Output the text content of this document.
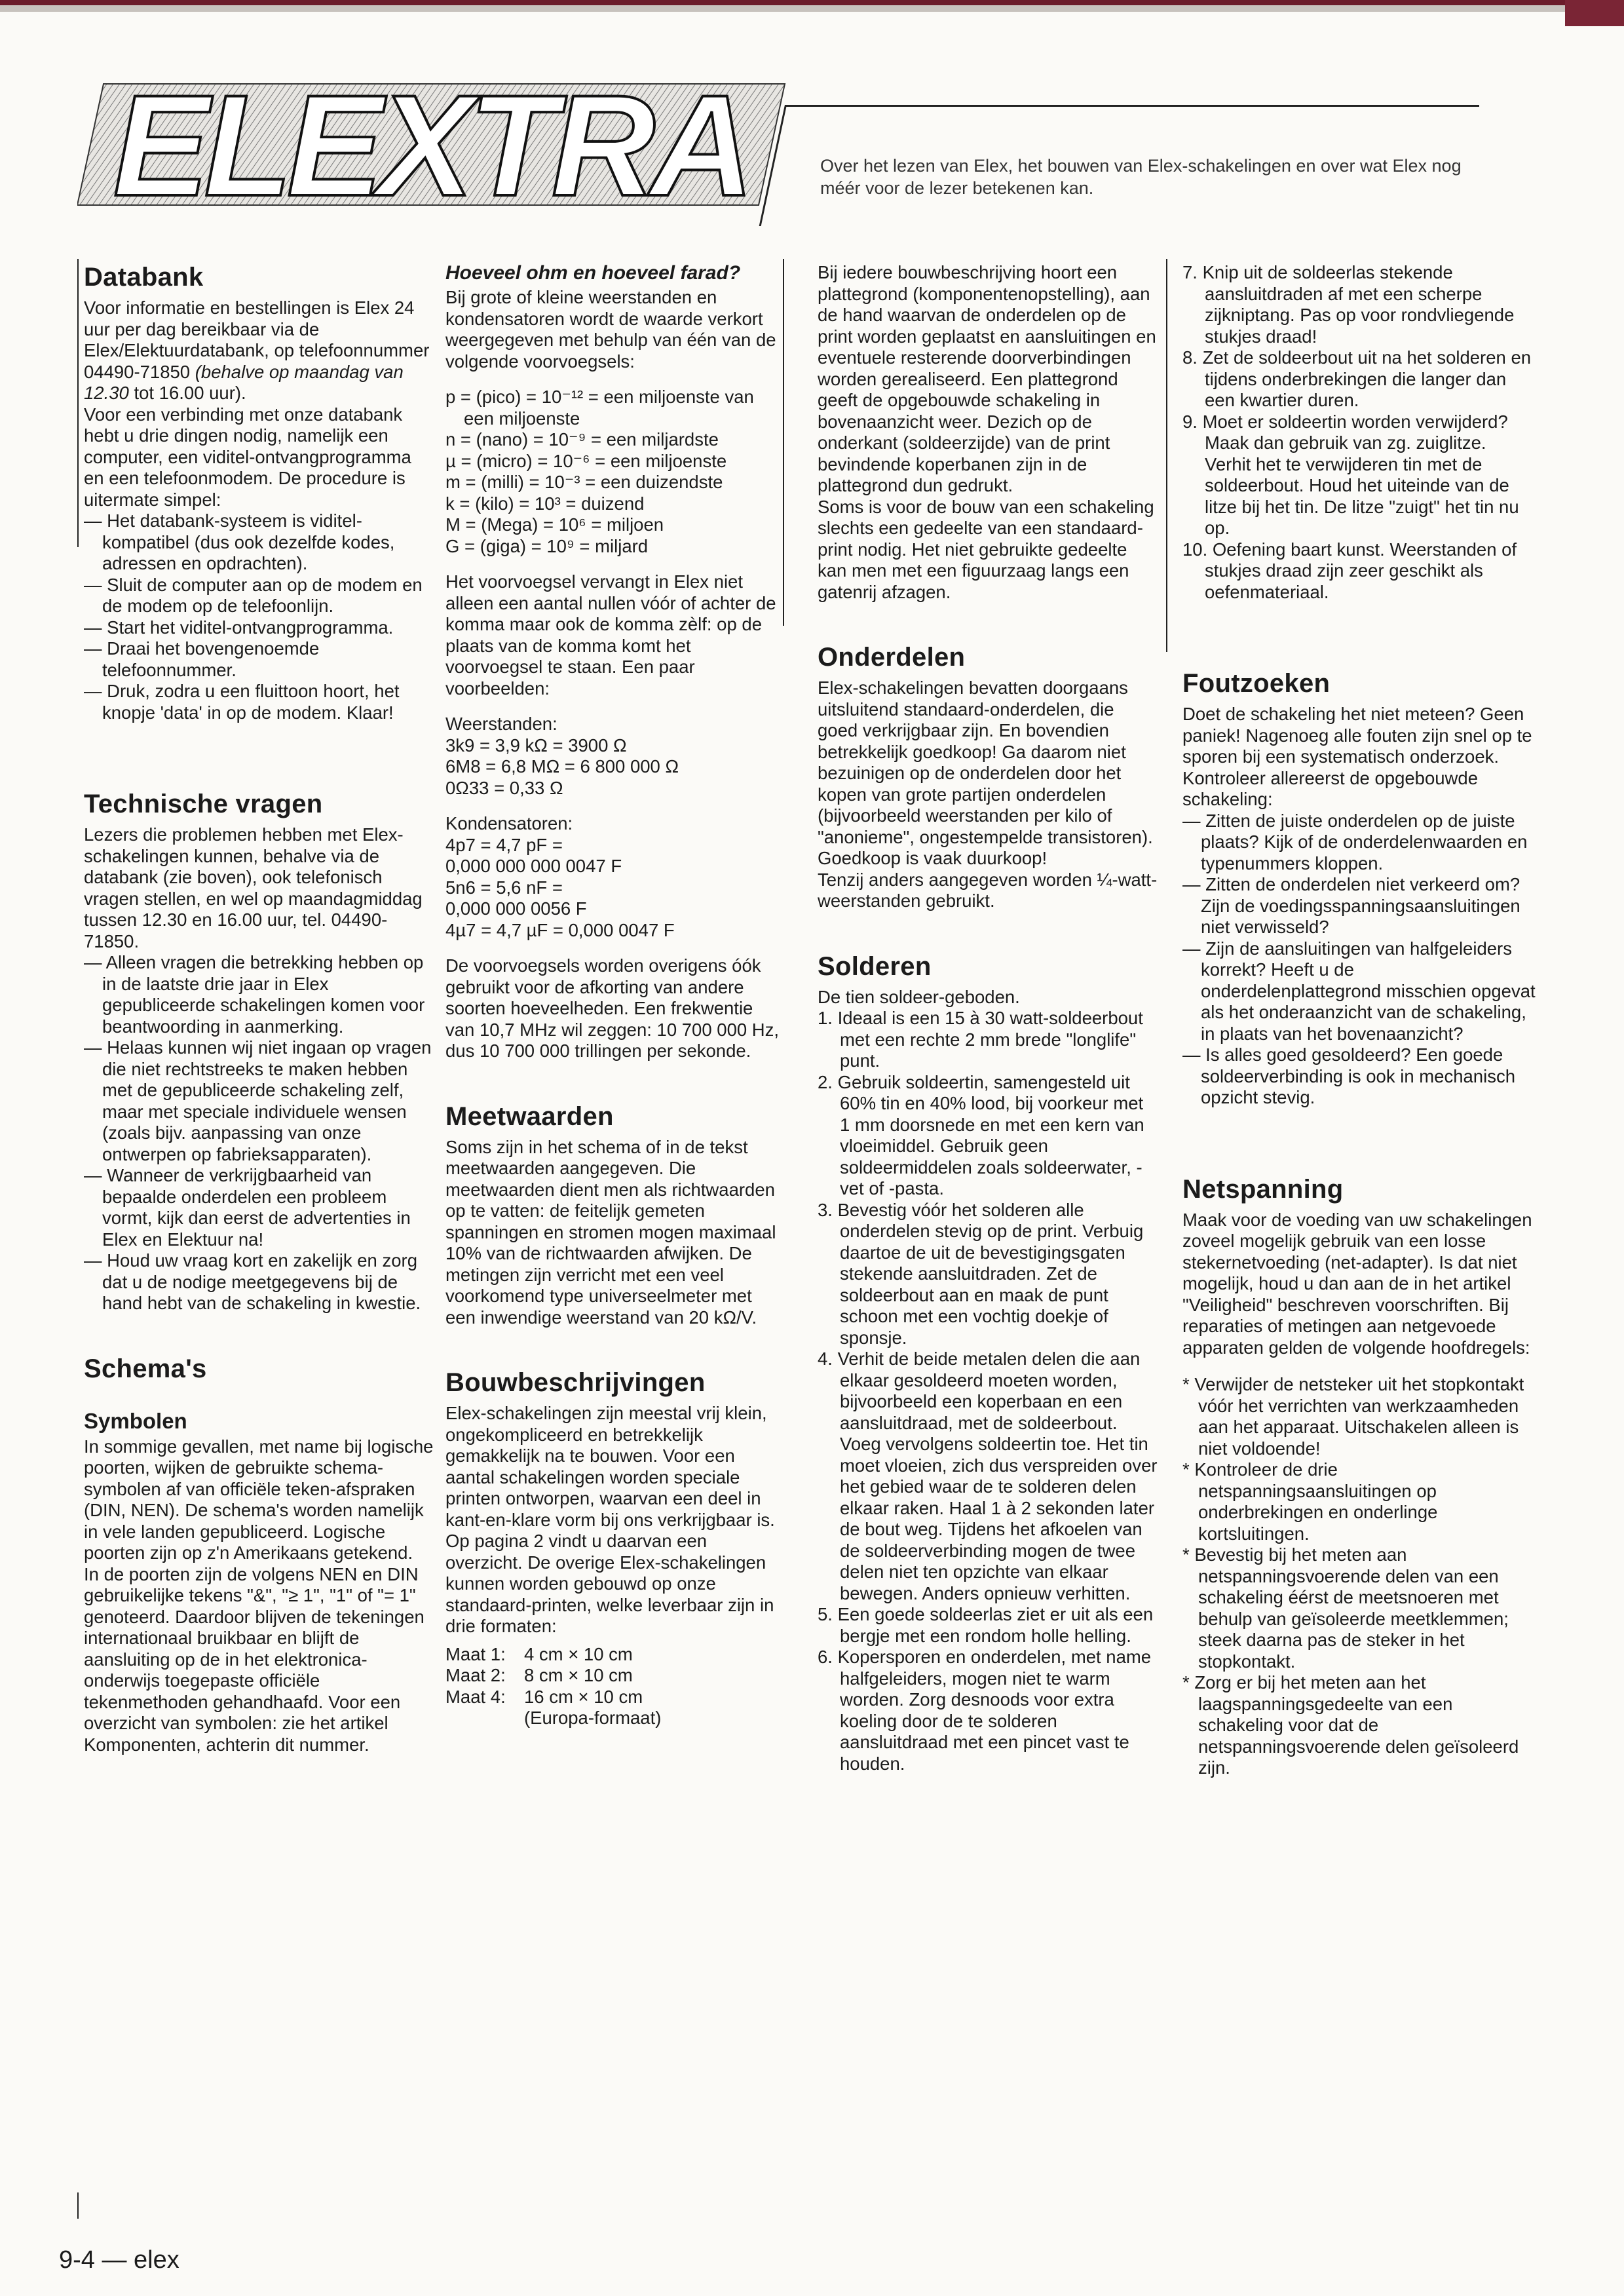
ELEXTRA	Over het lezen van Elex, het bouwen van Elex-schakelingen en over wat Elex nog méér voor de lezer betekenen kan.
Databank

Voor informatie en bestellingen is Elex 24 uur per dag bereikbaar via de Elex/Elektuurdatabank, op telefoonnummer 04490-71850 (behalve op maandag van 12.30 tot 16.00 uur).

Voor een verbinding met onze databank hebt u drie dingen nodig, namelijk een computer, een viditel-ontvangprogramma en een telefoonmodem. De procedure is uitermate simpel:

— Het databank-systeem is viditel-kompatibel (dus ook dezelfde kodes, adressen en opdrachten).

— Sluit de computer aan op de modem en de modem op de telefoonlijn.

— Start het viditel-ontvangprogramma.

— Draai het bovengenoemde telefoonnummer.

— Druk, zodra u een fluittoon hoort, het knopje 'data' in op de modem. Klaar!

Technische vragen

Lezers die problemen hebben met Elex-schakelingen kunnen, behalve via de databank (zie boven), ook telefonisch vragen stellen, en wel op maandagmiddag tussen 12.30 en 16.00 uur, tel. 04490-71850.

— Alleen vragen die betrekking hebben op in de laatste drie jaar in Elex gepubliceerde schakelingen komen voor beantwoording in aanmerking.

— Helaas kunnen wij niet ingaan op vragen die niet rechtstreeks te maken hebben met de gepubliceerde schakeling zelf, maar met speciale individuele wensen (zoals bijv. aanpassing van onze ontwerpen op fabrieksapparaten).

— Wanneer de verkrijgbaarheid van bepaalde onderdelen een probleem vormt, kijk dan eerst de advertenties in Elex en Elektuur na!

— Houd uw vraag kort en zakelijk en zorg dat u de nodige meetgegevens bij de hand hebt van de schakeling in kwestie.

Schema's
Symbolen

In sommige gevallen, met name bij logische poorten, wijken de gebruikte schema-symbolen af van officiële teken-afspraken (DIN, NEN). De schema's worden namelijk in vele landen gepubliceerd. Logische poorten zijn op z'n Amerikaans getekend.

In de poorten zijn de volgens NEN en DIN gebruikelijke tekens "&", "≥ 1", "1" of "= 1" genoteerd. Daardoor blijven de tekeningen internationaal bruikbaar en blijft de aansluiting op de in het elektronica-onderwijs toegepaste officiële tekenmethoden gehandhaafd. Voor een overzicht van symbolen: zie het artikel Komponenten, achterin dit nummer.

Hoeveel ohm en hoeveel farad?

Bij grote of kleine weerstanden en kondensatoren wordt de waarde verkort weergegeven met behulp van één van de volgende voorvoegsels:

p = (pico) = 10⁻¹² = een miljoenste van een miljoenste

n = (nano) = 10⁻⁹ = een miljardste

µ = (micro) = 10⁻⁶ = een miljoenste

m = (milli) = 10⁻³ = een duizendste

k = (kilo) = 10³ = duizend

M = (Mega) = 10⁶ = miljoen

G = (giga) = 10⁹ = miljard

Het voorvoegsel vervangt in Elex niet alleen een aantal nullen vóór of achter de komma maar ook de komma zèlf: op de plaats van de komma komt het voorvoegsel te staan. Een paar voorbeelden:

Weerstanden:

3k9 = 3,9 kΩ = 3900 Ω

6M8 = 6,8 MΩ = 6 800 000 Ω

0Ω33 = 0,33 Ω

Kondensatoren:

4p7 = 4,7 pF =

0,000 000 000 0047 F

5n6 = 5,6 nF =

0,000 000 0056 F

4µ7 = 4,7 µF = 0,000 0047 F

De voorvoegsels worden overigens óók gebruikt voor de afkorting van andere soorten hoeveelheden. Een frekwentie van 10,7 MHz wil zeggen: 10 700 000 Hz, dus 10 700 000 trillingen per sekonde.

Meetwaarden

Soms zijn in het schema of in de tekst meetwaarden aangegeven. Die meetwaarden dient men als richtwaarden op te vatten: de feitelijk gemeten spanningen en stromen mogen maximaal 10% van de richtwaarden afwijken. De metingen zijn verricht met een veel voorkomend type universeelmeter met een inwendige weerstand van 20 kΩ/V.

Bouwbeschrijvingen

Elex-schakelingen zijn meestal vrij klein, ongekompliceerd en betrekkelijk gemakkelijk na te bouwen. Voor een aantal schakelingen worden speciale printen ontworpen, waarvan een deel in kant-en-klare vorm bij ons verkrijgbaar is. Op pagina 2 vindt u daarvan een overzicht. De overige Elex-schakelingen kunnen worden gebouwd op onze standaard-printen, welke leverbaar zijn in drie formaten:

Maat 1:	4 cm × 10 cm
Maat 2:	8 cm × 10 cm
Maat 4:	16 cm × 10 cm
(Europa-formaat)

Bij iedere bouwbeschrijving hoort een plattegrond (komponentenopstelling), aan de hand waarvan de onderdelen op de print worden geplaatst en aansluitingen en eventuele resterende doorverbindingen worden gerealiseerd. Een plattegrond geeft de opgebouwde schakeling in bovenaanzicht weer. Dezich op de onderkant (soldeerzijde) van de print bevindende koperbanen zijn in de plattegrond dun gedrukt.

Soms is voor de bouw van een schakeling slechts een gedeelte van een standaard-print nodig. Het niet gebruikte gedeelte kan men met een figuurzaag langs een gatenrij afzagen.

Onderdelen

Elex-schakelingen bevatten doorgaans uitsluitend standaard-onderdelen, die goed verkrijgbaar zijn. En bovendien betrekkelijk goedkoop! Ga daarom niet bezuinigen op de onderdelen door het kopen van grote partijen onderdelen (bijvoorbeeld weerstanden per kilo of "anonieme", ongestempelde transistoren). Goedkoop is vaak duurkoop!

Tenzij anders aangegeven worden ¼-watt-weerstanden gebruikt.

Solderen

De tien soldeer-geboden.

1. Ideaal is een 15 à 30 watt-soldeerbout met een rechte 2 mm brede "longlife" punt.

2. Gebruik soldeertin, samengesteld uit 60% tin en 40% lood, bij voorkeur met 1 mm doorsnede en met een kern van vloeimiddel. Gebruik geen soldeermiddelen zoals soldeerwater, -vet of -pasta.

3. Bevestig vóór het solderen alle onderdelen stevig op de print. Verbuig daartoe de uit de bevestigingsgaten stekende aansluitdraden. Zet de soldeerbout aan en maak de punt schoon met een vochtig doekje of sponsje.

4. Verhit de beide metalen delen die aan elkaar gesoldeerd moeten worden, bijvoorbeeld een koperbaan en een aansluitdraad, met de soldeerbout. Voeg vervolgens soldeertin toe. Het tin moet vloeien, zich dus verspreiden over het gebied waar de te solderen delen elkaar raken. Haal 1 à 2 sekonden later de bout weg. Tijdens het afkoelen van de soldeerverbinding mogen de twee delen niet ten opzichte van elkaar bewegen. Anders opnieuw verhitten.

5. Een goede soldeerlas ziet er uit als een bergje met een rondom holle helling.

6. Kopersporen en onderdelen, met name halfgeleiders, mogen niet te warm worden. Zorg desnoods voor extra koeling door de te solderen aansluitdraad met een pincet vast te houden.

7. Knip uit de soldeerlas stekende aansluitdraden af met een scherpe zijkniptang. Pas op voor rondvliegende stukjes draad!

8. Zet de soldeerbout uit na het solderen en tijdens onderbrekingen die langer dan een kwartier duren.

9. Moet er soldeertin worden verwijderd? Maak dan gebruik van zg. zuiglitze. Verhit het te verwijderen tin met de soldeerbout. Houd het uiteinde van de litze bij het tin. De litze "zuigt" het tin nu op.

10. Oefening baart kunst. Weerstanden of stukjes draad zijn zeer geschikt als oefenmateriaal.

Foutzoeken

Doet de schakeling het niet meteen? Geen paniek! Nagenoeg alle fouten zijn snel op te sporen bij een systematisch onderzoek. Kontroleer allereerst de opgebouwde schakeling:

— Zitten de juiste onderdelen op de juiste plaats? Kijk of de onderdelenwaarden en typenummers kloppen.

— Zitten de onderdelen niet verkeerd om? Zijn de voedingsspanningsaansluitingen niet verwisseld?

— Zijn de aansluitingen van halfgeleiders korrekt? Heeft u de onderdelenplattegrond misschien opgevat als het onderaanzicht van de schakeling, in plaats van het bovenaanzicht?

— Is alles goed gesoldeerd? Een goede soldeerverbinding is ook in mechanisch opzicht stevig.

Netspanning

Maak voor de voeding van uw schakelingen zoveel mogelijk gebruik van een losse stekernetvoeding (net-adapter). Is dat niet mogelijk, houd u dan aan de in het artikel "Veiligheid" beschreven voorschriften. Bij reparaties of metingen aan netgevoede apparaten gelden de volgende hoofdregels:

* Verwijder de netsteker uit het stopkontakt vóór het verrichten van werkzaamheden aan het apparaat. Uitschakelen alleen is niet voldoende!

* Kontroleer de drie netspanningsaansluitingen op onderbrekingen en onderlinge kortsluitingen.

* Bevestig bij het meten aan netspanningsvoerende delen van een schakeling éérst de meetsnoeren met behulp van geïsoleerde meetklemmen; steek daarna pas de steker in het stopkontakt.

* Zorg er bij het meten aan het laagspanningsgedeelte van een schakeling voor dat de netspanningsvoerende delen geïsoleerd zijn.

9-4 — elex
